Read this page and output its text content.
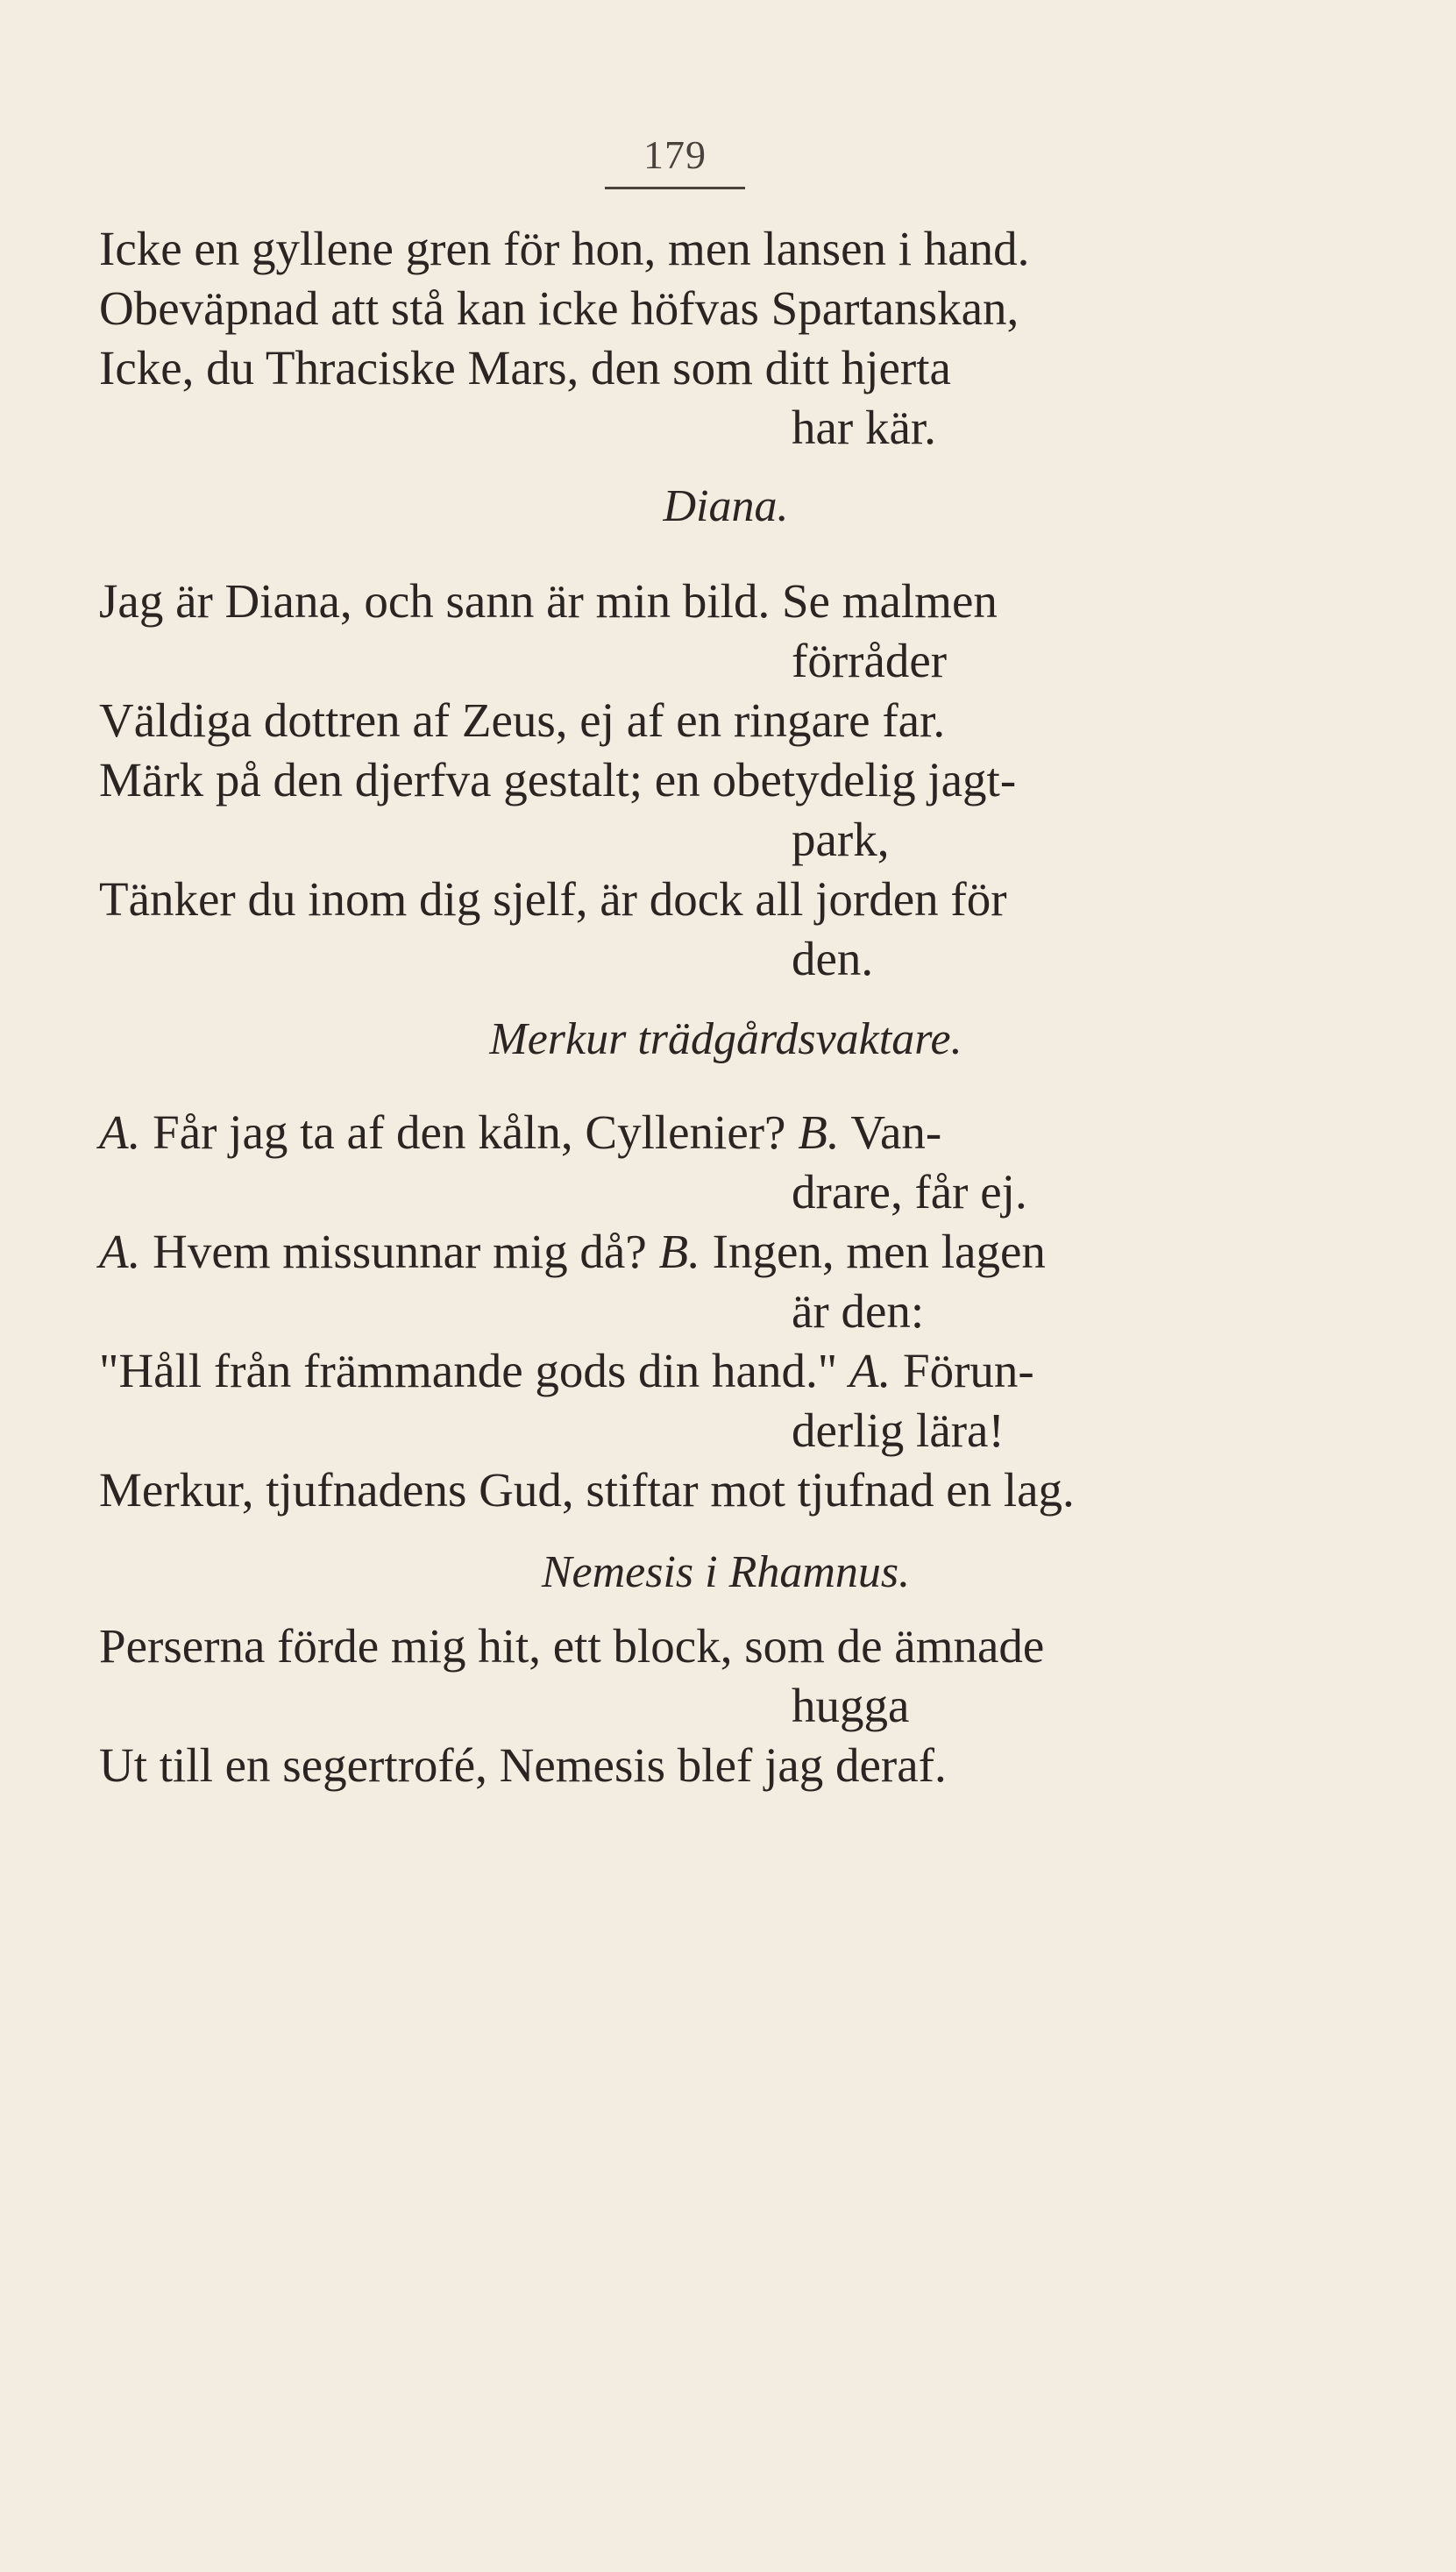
179
Icke en gyllene gren för hon, men lansen i hand.
Obeväpnad att stå kan icke höfvas Spartanskan,
Icke, du Thraciske Mars, den som ditt hjerta
har kär.
Diana.
Jag är Diana, och sann är min bild. Se malmen
förråder
Väldiga dottren af Zeus, ej af en ringare far.
Märk på den djerfva gestalt; en obetydelig jagt-
park,
Tänker du inom dig sjelf, är dock all jorden för
den.
Merkur trädgårdsvaktare.
A. Får jag ta af den kåln, Cyllenier? B. Van-
drare, får ej.
A. Hvem missunnar mig då? B. Ingen, men lagen
är den:
"Håll från främmande gods din hand." A. Förun-
derlig lära!
Merkur, tjufnadens Gud, stiftar mot tjufnad en lag.
Nemesis i Rhamnus.
Perserna förde mig hit, ett block, som de ämnade
hugga
Ut till en segertrofé, Nemesis blef jag deraf.
